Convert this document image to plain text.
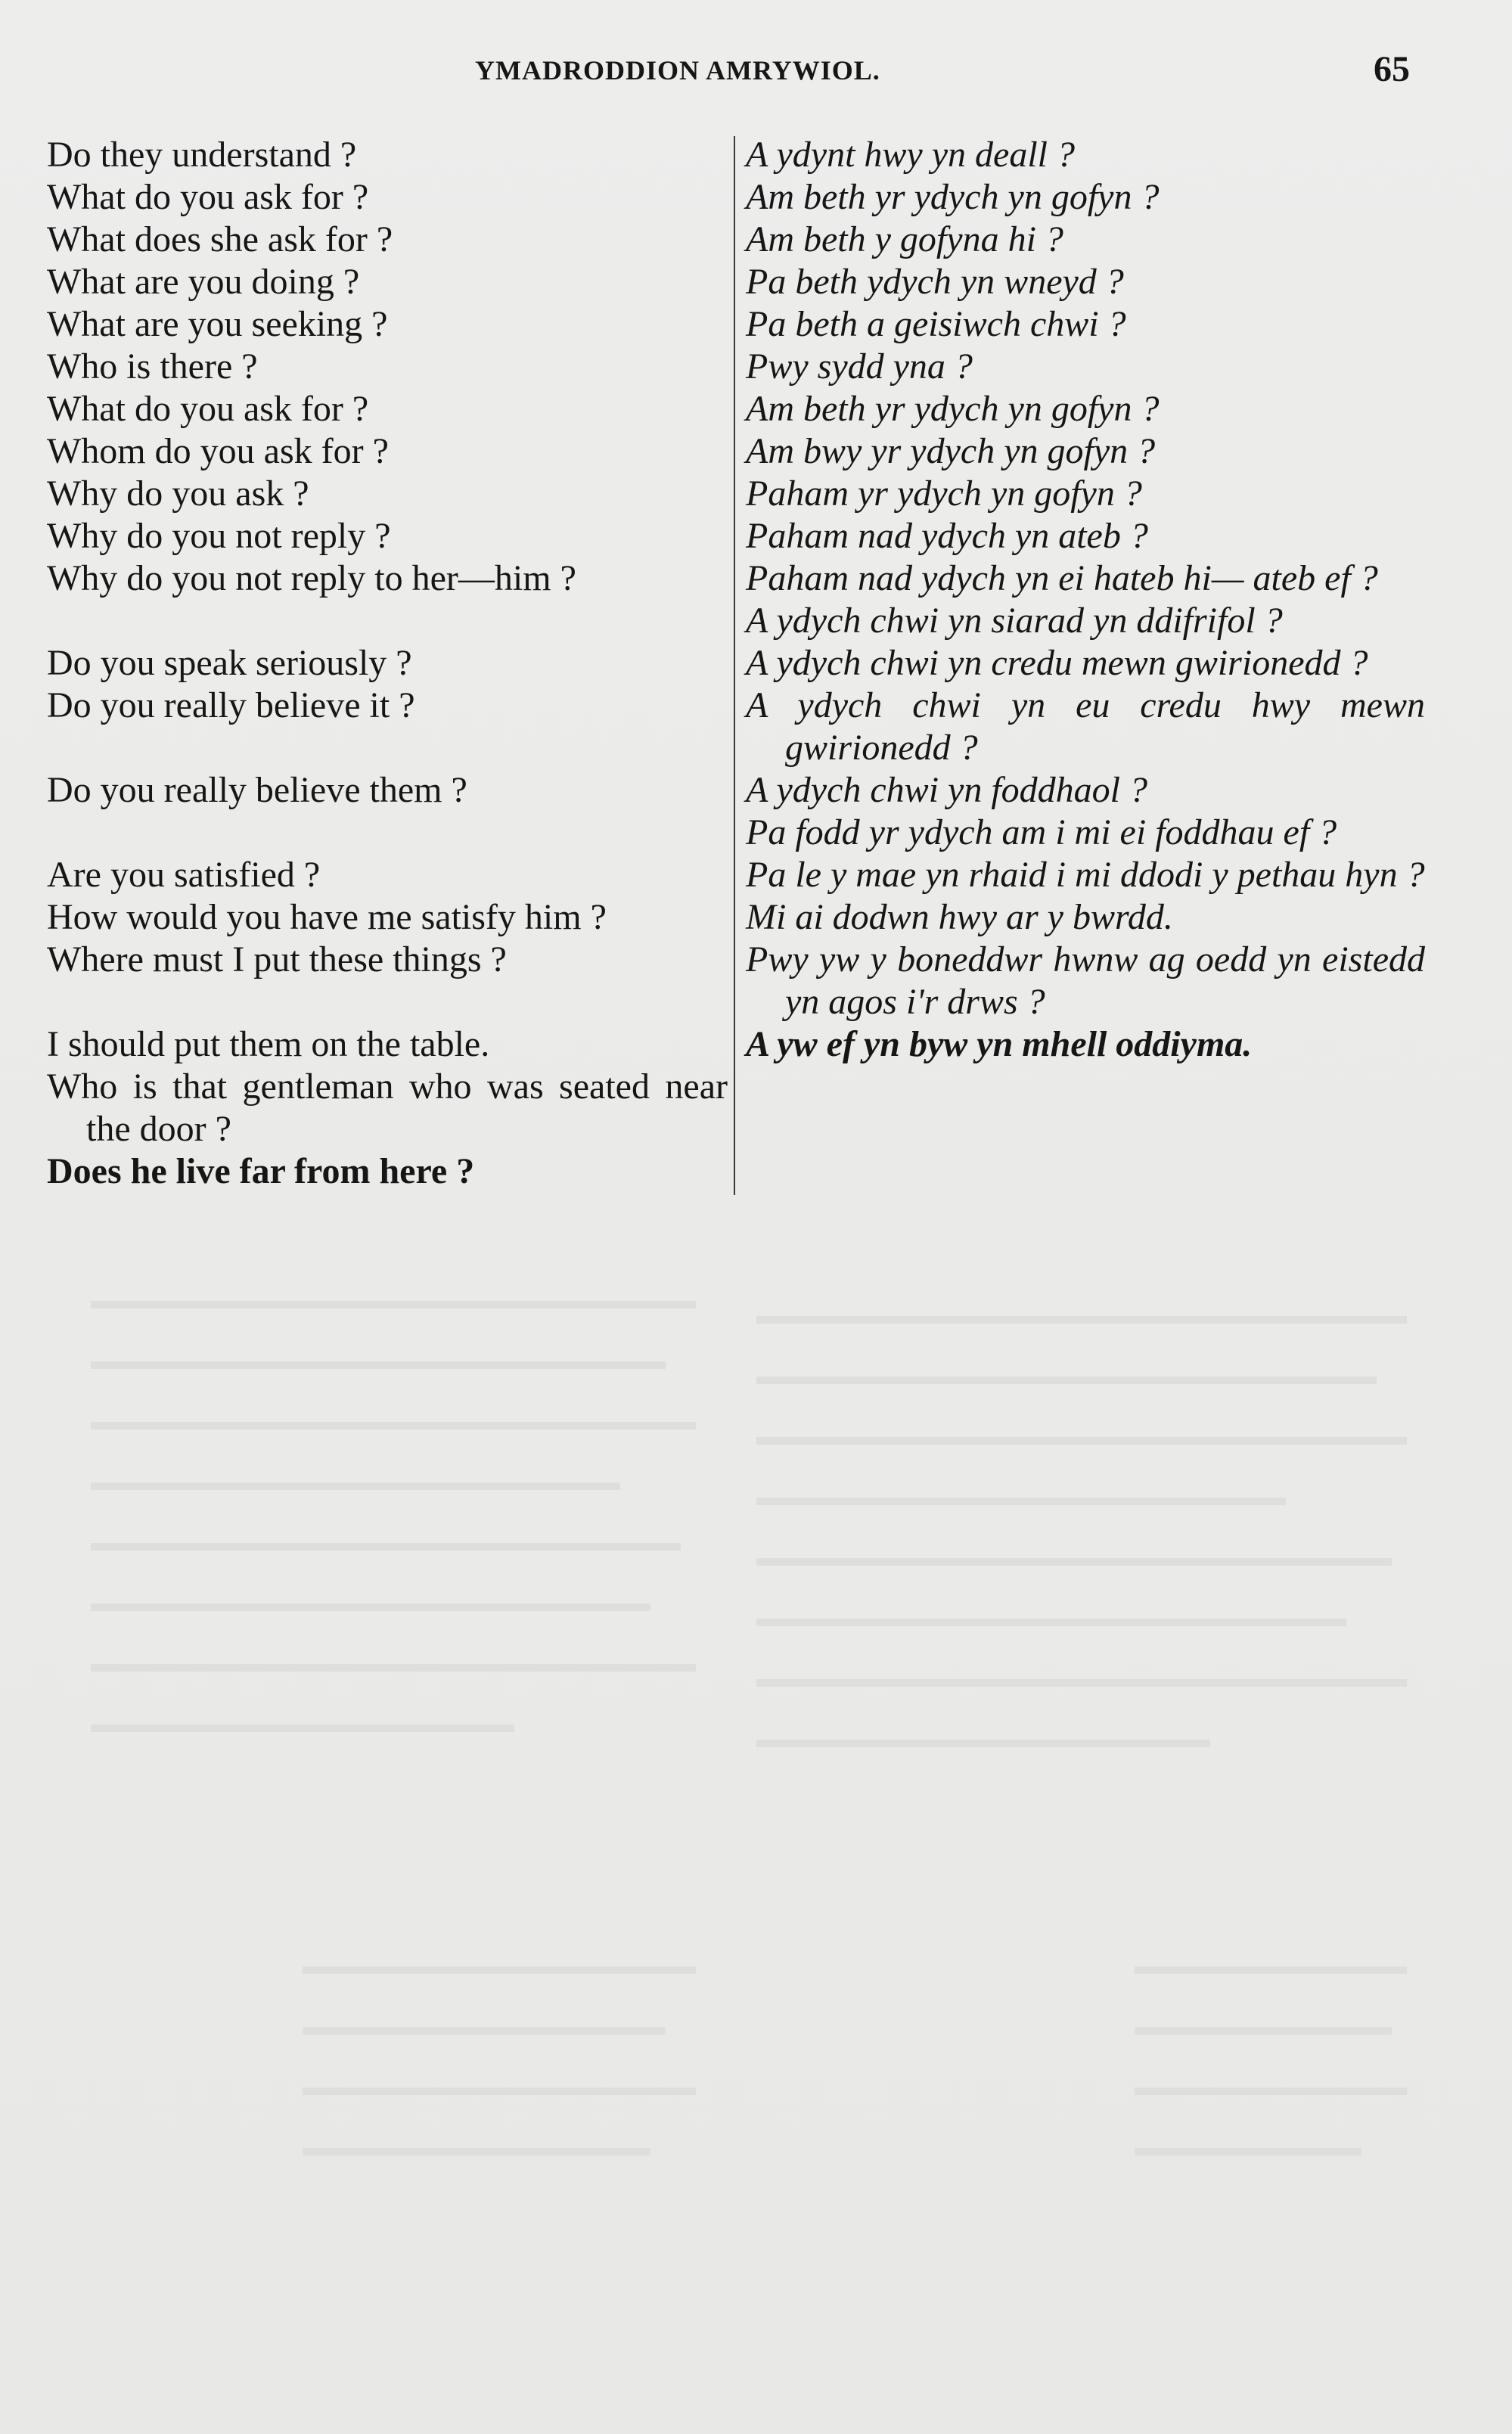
YMADRODDION AMRYWIOL.	65
Do they understand ?
What do you ask for ?
What does she ask for ?
What are you doing ?
What are you seeking ?
Who is there ?
What do you ask for ?
Whom do you ask for ?
Why do you ask ?
Why do you not reply ?
Why do you not reply to her—him ?
Do you speak seriously ?
Do you really believe it ?
Do you really believe them ?
Are you satisfied ?
How would you have me satisfy him ?
Where must I put these things ?
I should put them on the table.
Who is that gentleman who was seated near the door ?
Does he live far from here ?
A ydynt hwy yn deall ?
Am beth yr ydych yn gofyn ?
Am beth y gofyna hi ?
Pa beth ydych yn wneyd ?
Pa beth a geisiwch chwi ?
Pwy sydd yna ?
Am beth yr ydych yn gofyn ?
Am bwy yr ydych yn gofyn ?
Paham yr ydych yn gofyn ?
Paham nad ydych yn ateb ?
Paham nad ydych yn ei hateb hi— ateb ef ?
A ydych chwi yn siarad yn ddifrifol ?
A ydych chwi yn credu mewn gwirionedd ?
A ydych chwi yn eu credu hwy mewn gwirionedd ?
A ydych chwi yn foddhaol ?
Pa fodd yr ydych am i mi ei foddhau ef ?
Pa le y mae yn rhaid i mi ddodi y pethau hyn ?
Mi ai dodwn hwy ar y bwrdd.
Pwy yw y boneddwr hwnw ag oedd yn eistedd yn agos i'r drws ?
A yw ef yn byw yn mhell oddiyma.
